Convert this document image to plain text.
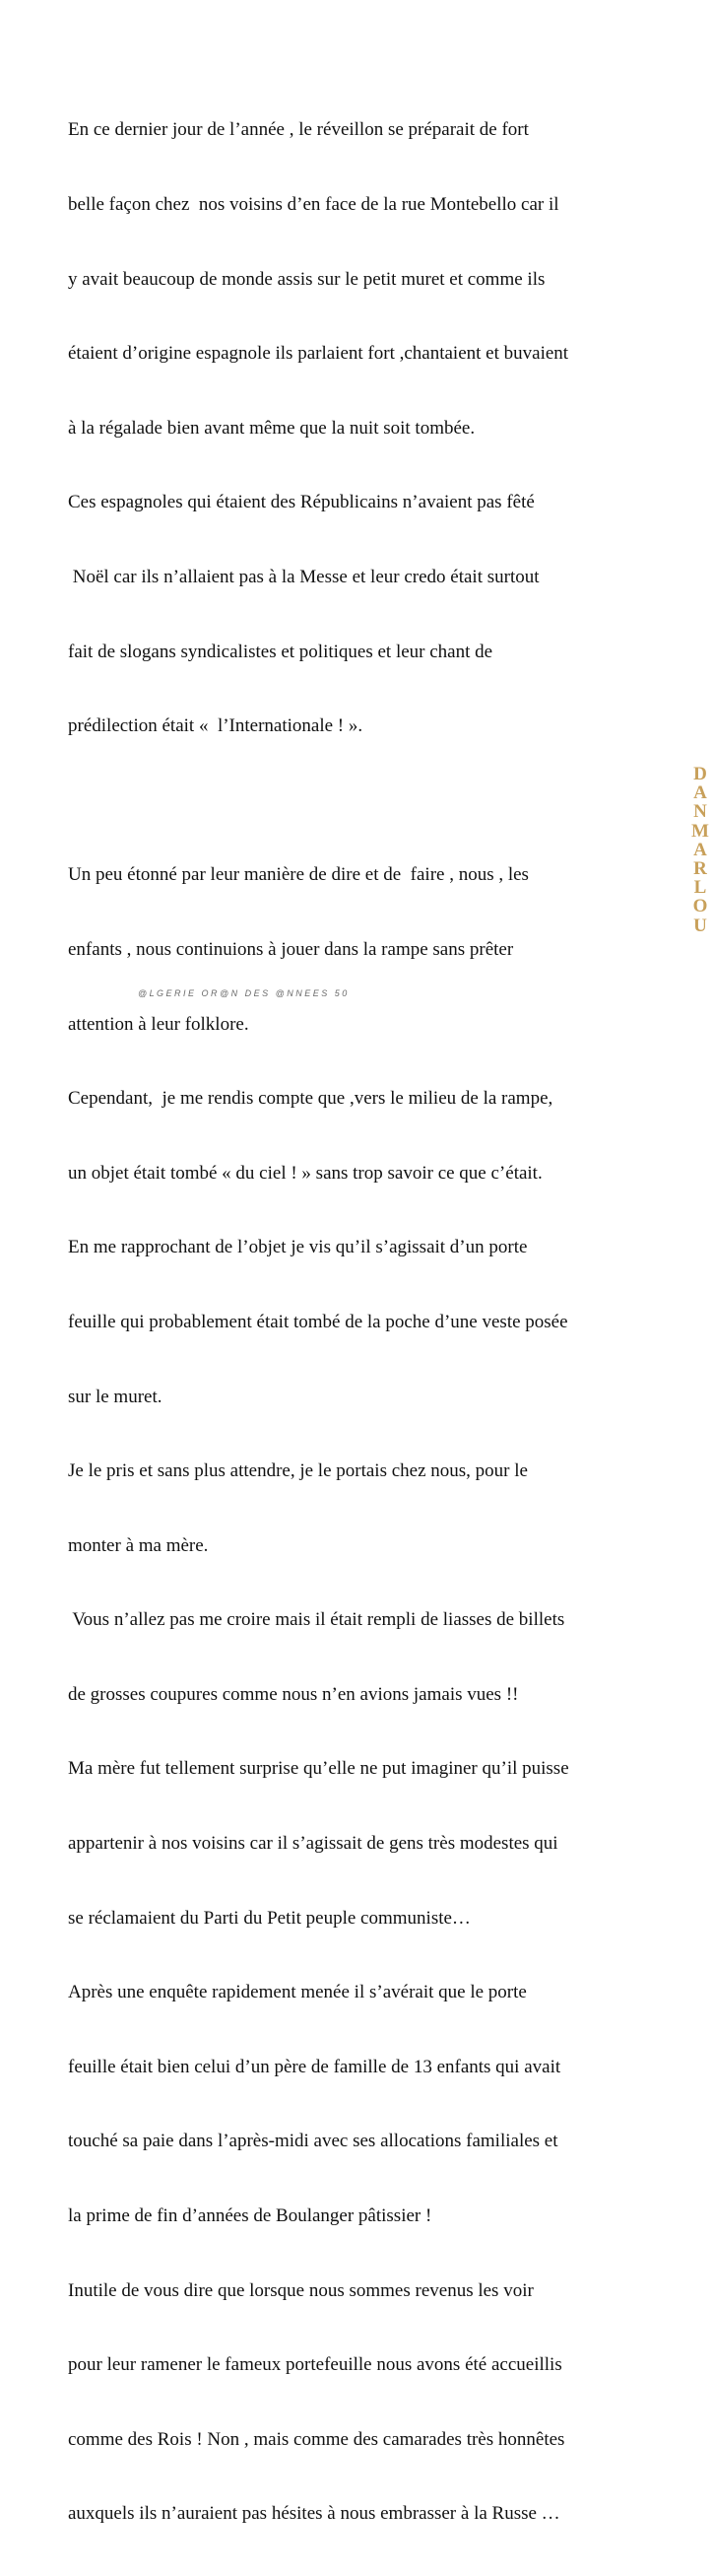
En ce dernier jour de l’année , le réveillon se préparait de fort

belle façon chez  nos voisins d’en face de la rue Montebello car il

y avait beaucoup de monde assis sur le petit muret et comme ils

étaient d’origine espagnole ils parlaient fort ,chantaient et buvaient

à la régalade bien avant même que la nuit soit tombée.

Ces espagnoles qui étaient des Républicains n’avaient pas fêté

Noël car ils n’allaient pas à la Messe et leur credo était surtout

fait de slogans syndicalistes et politiques et leur chant de

prédilection était «  l’Internationale ! ».

Un peu étonné par leur manière de dire et de  faire , nous , les

enfants , nous continuions à jouer dans la rampe sans prêter

attention à leur folklore.

Cependant,  je me rendis compte que ,vers le milieu de la rampe,

un objet était tombé « du ciel ! » sans trop savoir ce que c’était.

En me rapprochant de l’objet je vis qu’il s’agissait d’un porte

feuille qui probablement était tombé de la poche d’une veste posée

sur le muret.

Je le pris et sans plus attendre, je le portais chez nous, pour le

monter à ma mère.

Vous n’allez pas me croire mais il était rempli de liasses de billets

de grosses coupures comme nous n’en avions jamais vues !!

Ma mère fut tellement surprise qu’elle ne put imaginer qu’il puisse

appartenir à nos voisins car il s’agissait de gens très modestes qui

se réclamaient du Parti du Petit peuple communiste…

Après une enquête rapidement menée il s’avérait que le porte

feuille était bien celui d’un père de famille de 13 enfants qui avait

touché sa paie dans l’après-midi avec ses allocations familiales et

la prime de fin d’années de Boulanger pâtissier !

Inutile de vous dire que lorsque nous sommes revenus les voir

pour leur ramener le fameux portefeuille nous avons été accueillis

comme des Rois ! Non , mais comme des camarades très honnêtes

auxquels ils n’auraient pas hésites à nous embrasser à la Russe …

D
A
N
M
A
R
L
O
U
@ L G E R I E   O R @ N   D E S   @ N N E E S   5 0
